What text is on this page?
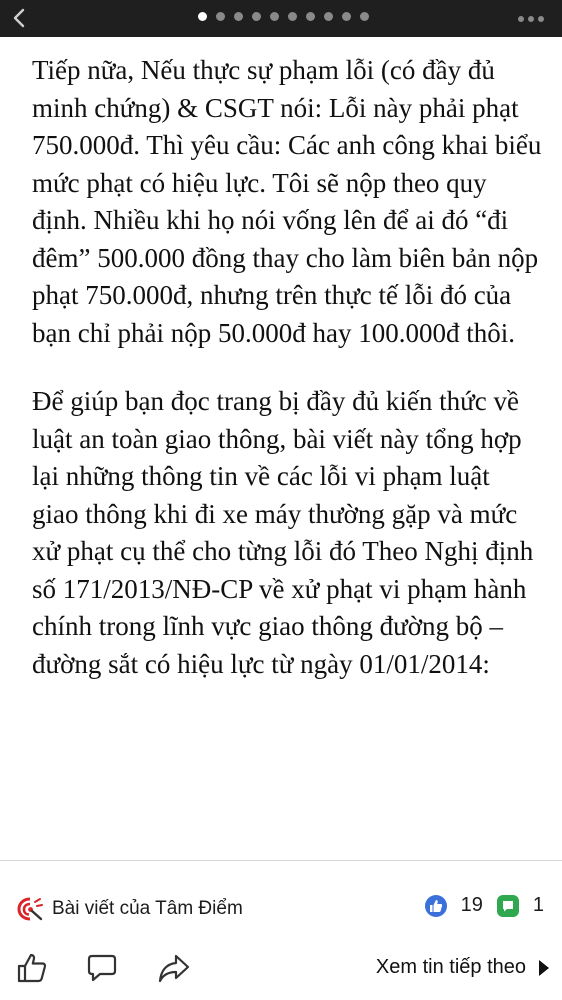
Tiếp nữa, Nếu thực sự phạm lỗi (có đầy đủ minh chứng) & CSGT nói: Lỗi này phải phạt 750.000đ. Thì yêu cầu: Các anh công khai biểu mức phạt có hiệu lực. Tôi sẽ nộp theo quy định. Nhiều khi họ nói vống lên để ai đó “đi đêm” 500.000 đồng thay cho làm biên bản nộp phạt 750.000đ, nhưng trên thực tế lỗi đó của bạn chỉ phải nộp 50.000đ hay 100.000đ thôi.

Để giúp bạn đọc trang bị đầy đủ kiến thức về luật an toàn giao thông, bài viết này tổng hợp lại những thông tin về các lỗi vi phạm luật giao thông khi đi xe máy thường gặp và mức xử phạt cụ thể cho từng lỗi đó Theo Nghị định số 171/2013/NĐ-CP về xử phạt vi phạm hành chính trong lĩnh vực giao thông đường bộ – đường sắt có hiệu lực từ ngày 01/01/2014:

Bài viết của Tâm Điểm	19	1
Xem tin tiếp theo
